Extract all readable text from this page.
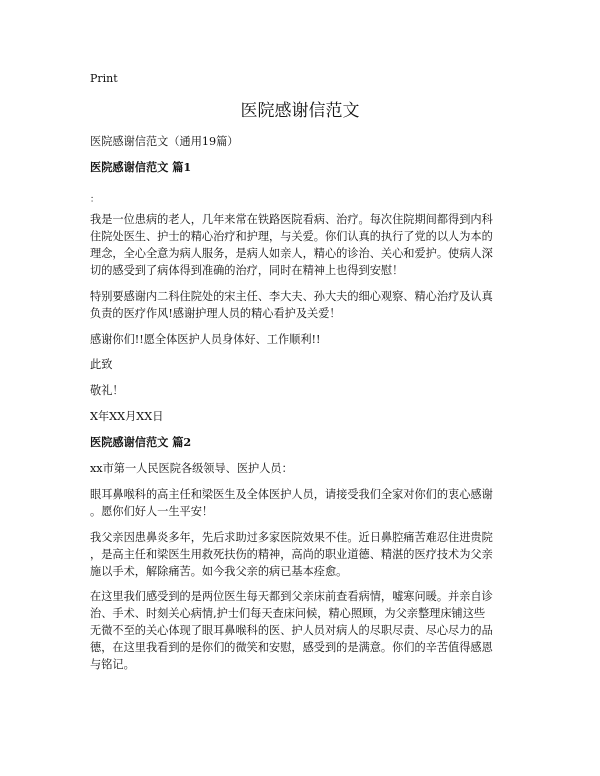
Print
医院感谢信范文
医院感谢信范文（通用19篇）
医院感谢信范文 篇1
：
我是一位患病的老人，几年来常在铁路医院看病、治疗。每次住院期间都得到内科
住院处医生、护士的精心治疗和护理，与关爱。你们认真的执行了党的以人为本的
理念，全心全意为病人服务，是病人如亲人，精心的诊治、关心和爱护。使病人深
切的感受到了病体得到准确的治疗，同时在精神上也得到安慰！
特别要感谢内二科住院处的宋主任、李大夫、孙大夫的细心观察、精心治疗及认真
负责的医疗作风!感谢护理人员的精心看护及关爱！
感谢你们!!愿全体医护人员身体好、工作顺利!!
此致
敬礼！
X年XX月XX日
医院感谢信范文 篇2
xx市第一人民医院各级领导、医护人员：
眼耳鼻喉科的高主任和梁医生及全体医护人员，请接受我们全家对你们的衷心感谢
。愿你们好人一生平安！
我父亲因患鼻炎多年，先后求助过多家医院效果不佳。近日鼻腔痛苦难忍住进贵院
，是高主任和梁医生用救死扶伤的精神，高尚的职业道德、精湛的医疗技术为父亲
施以手术，解除痛苦。如今我父亲的病已基本痊愈。
在这里我们感受到的是两位医生每天都到父亲床前查看病情，嘘寒问暖。并亲自诊
治、手术、时刻关心病情,护士们每天查床问候，精心照顾，为父亲整理床铺这些
无微不至的关心体现了眼耳鼻喉科的医、护人员对病人的尽职尽责、尽心尽力的品
德，在这里我看到的是你们的微笑和安慰，感受到的是满意。你们的辛苦值得感恩
与铭记。
